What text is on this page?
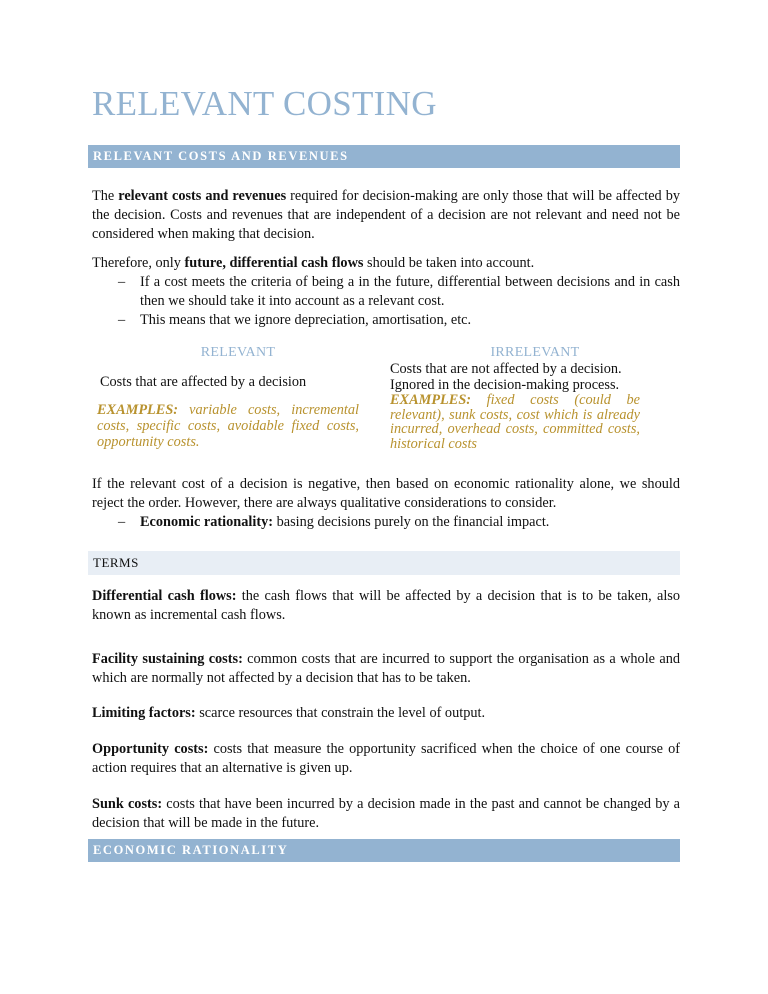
RELEVANT COSTING
RELEVANT COSTS AND REVENUES
The relevant costs and revenues required for decision-making are only those that will be affected by the decision. Costs and revenues that are independent of a decision are not relevant and need not be considered when making that decision.
Therefore, only future, differential cash flows should be taken into account.
– If a cost meets the criteria of being a in the future, differential between decisions and in cash then we should take it into account as a relevant cost.
– This means that we ignore depreciation, amortisation, etc.
RELEVANT
Costs that are affected by a decision
EXAMPLES: variable costs, incremental costs, specific costs, avoidable fixed costs, opportunity costs.
IRRELEVANT
Costs that are not affected by a decision. Ignored in the decision-making process.
EXAMPLES: fixed costs (could be relevant), sunk costs, cost which is already incurred, overhead costs, committed costs, historical costs
If the relevant cost of a decision is negative, then based on economic rationality alone, we should reject the order. However, there are always qualitative considerations to consider.
– Economic rationality: basing decisions purely on the financial impact.
TERMS
Differential cash flows: the cash flows that will be affected by a decision that is to be taken, also known as incremental cash flows.
Facility sustaining costs: common costs that are incurred to support the organisation as a whole and which are normally not affected by a decision that has to be taken.
Limiting factors: scarce resources that constrain the level of output.
Opportunity costs: costs that measure the opportunity sacrificed when the choice of one course of action requires that an alternative is given up.
Sunk costs: costs that have been incurred by a decision made in the past and cannot be changed by a decision that will be made in the future.
ECONOMIC RATIONALITY
